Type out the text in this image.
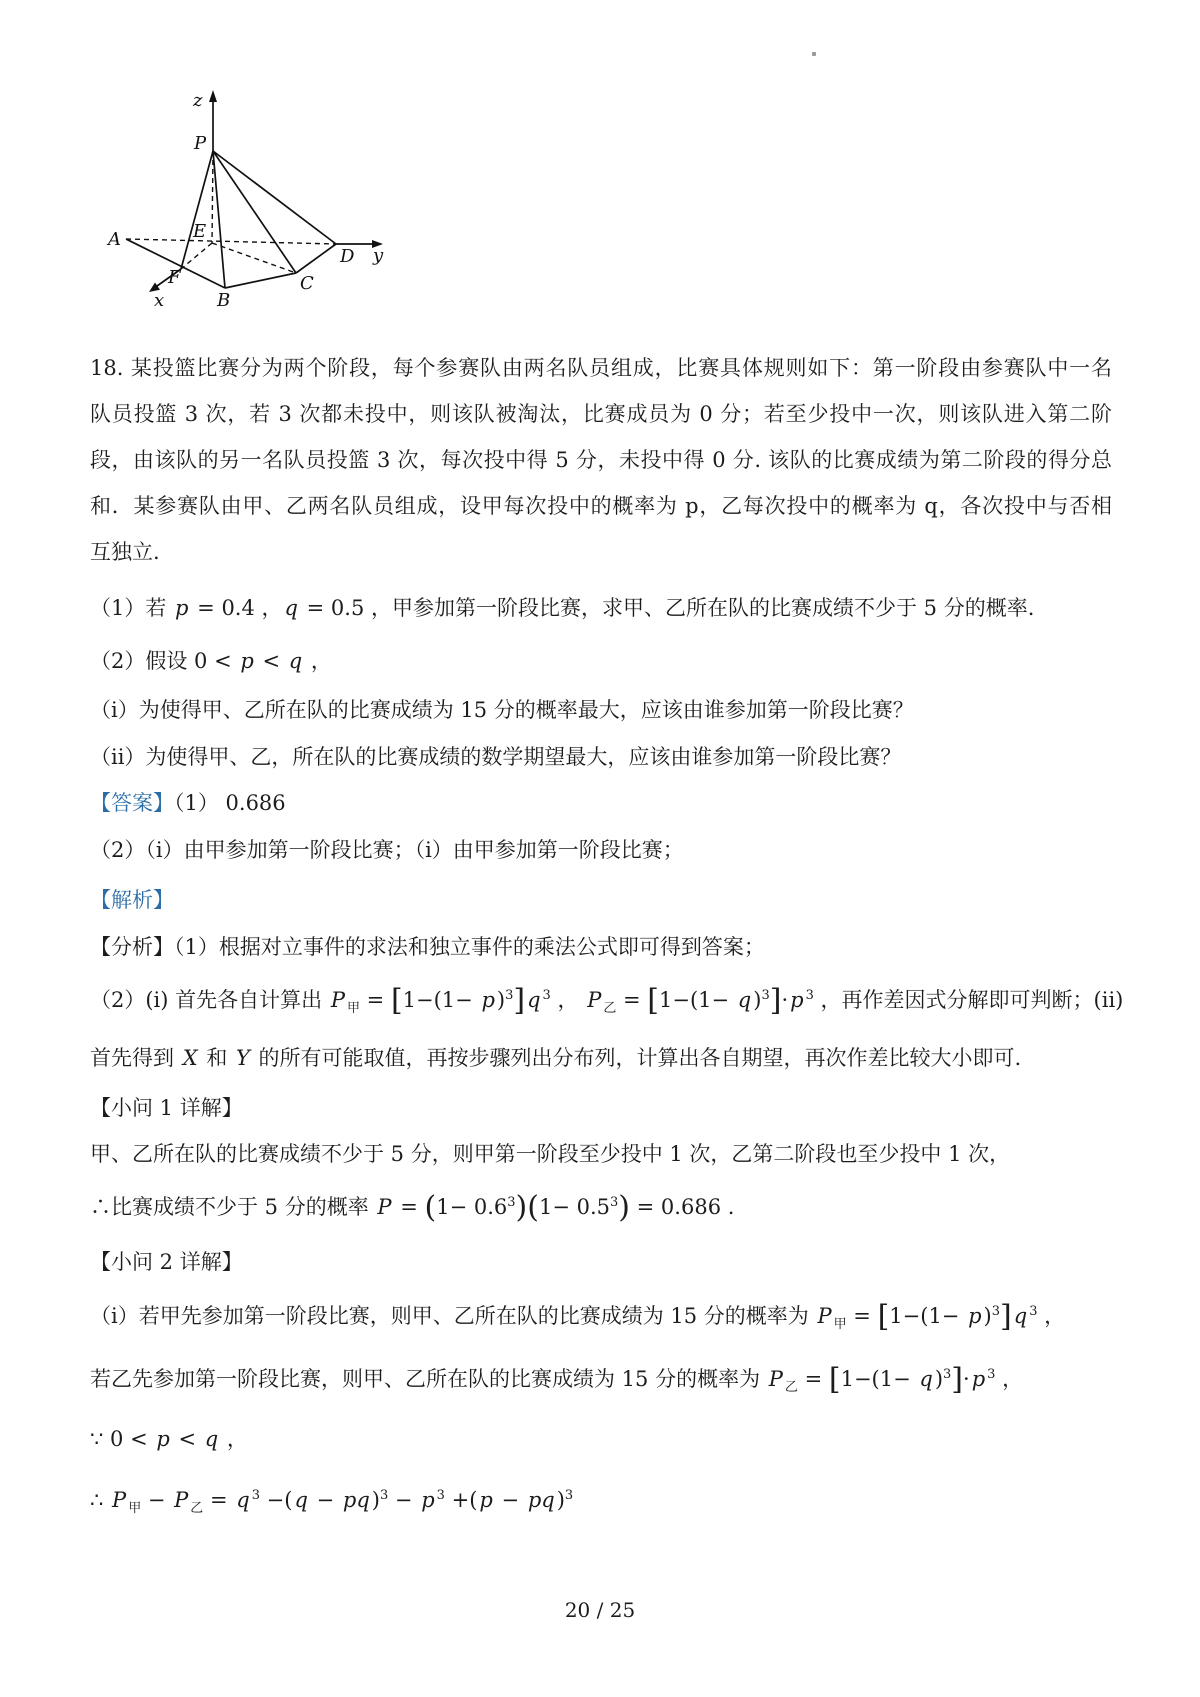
z
P
E
A
D y
F
B
C
x
18. 某投篮比赛分为两个阶段，每个参赛队由两名队员组成，比赛具体规则如下：第一阶段由参赛队中一名
队员投篮 3 次，若 3 次都未投中，则该队被淘汰，比赛成员为 0 分；若至少投中一次，则该队进入第二阶
段，由该队的另一名队员投篮 3 次，每次投中得 5 分，未投中得 0 分. 该队的比赛成绩为第二阶段的得分总
和．某参赛队由甲、乙两名队员组成，设甲每次投中的概率为 p，乙每次投中的概率为 q，各次投中与否相
互独立.
（1）若 p = 0.4 ，q = 0.5 ，甲参加第一阶段比赛，求甲、乙所在队的比赛成绩不少于 5 分的概率.
（2）假设 0 < p < q ，
（i）为使得甲、乙所在队的比赛成绩为 15 分的概率最大，应该由谁参加第一阶段比赛？
（ii）为使得甲、乙，所在队的比赛成绩的数学期望最大，应该由谁参加第一阶段比赛？
【答案】（1） 0.686
（2）（i）由甲参加第一阶段比赛；（i）由甲参加第一阶段比赛；
【解析】
【分析】（1）根据对立事件的求法和独立事件的乘法公式即可得到答案；
（2）(i) 首先各自计算出 P $_甲 = [1-(1- p)^3]q$ $^3$ ， P $_乙 = [1-(1- q)^3]\cdot p$ $^3$ ，再作差因式分解即可判断；(ii)
首先得到 X 和 Y 的所有可能取值，再按步骤列出分布列，计算出各自期望，再次作差比较大小即可.
【小问 1 详解】
甲、乙所在队的比赛成绩不少于 5 分，则甲第一阶段至少投中 1 次，乙第二阶段也至少投中 1 次，
∴比赛成绩不少于 5 分的概率 $P = (1- 0.6^3)(1- 0.5^3) = 0.686$ .
【小问 2 详解】
（i）若甲先参加第一阶段比赛，则甲、乙所在队的比赛成绩为 15 分的概率为 P $_甲 = [1-(1- p)^3]q$ $^3$ ，
若乙先参加第一阶段比赛，则甲、乙所在队的比赛成绩为 15 分的概率为 P $_乙 = [1-(1- q)^3]\cdot p$ $^3$ ，
∵ 0 < p < q ，
∴ P $_甲$ − P $_乙$ = q $^3$ −(q − pq)$^3$ − p $^3$ +(p − pq)$^3$
20 / 25
